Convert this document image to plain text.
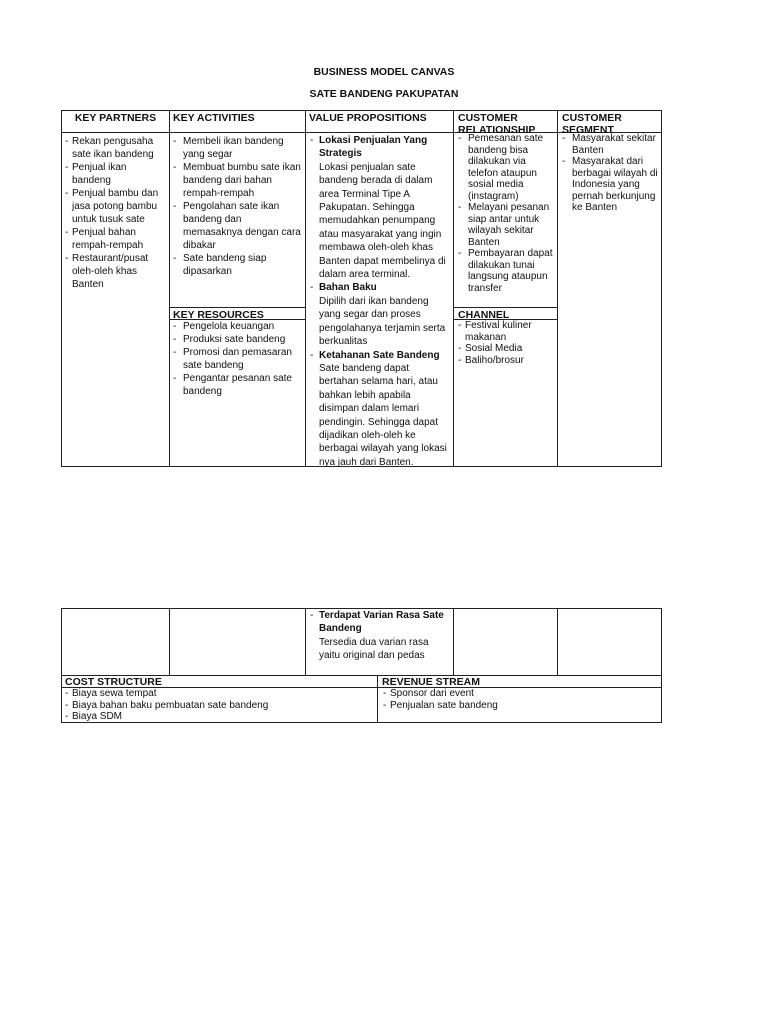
BUSINESS MODEL CANVAS
SATE BANDENG PAKUPATAN
KEY PARTNERS
- Rekan pengusaha sate ikan bandeng
- Penjual ikan bandeng
- Penjual bambu dan jasa potong bambu untuk tusuk sate
- Penjual bahan rempah-rempah
- Restaurant/pusat oleh-oleh khas Banten
KEY ACTIVITIES
- Membeli ikan bandeng yang segar
- Membuat bumbu sate ikan bandeng dari bahan rempah-rempah
- Pengolahan sate ikan bandeng dan memasaknya dengan cara dibakar
- Sate bandeng siap dipasarkan
KEY RESOURCES
- Pengelola keuangan
- Produksi sate bandeng
- Promosi dan pemasaran sate bandeng
- Pengantar pesanan sate bandeng
VALUE PROPOSITIONS
- Lokasi Penjualan Yang Strategis
Lokasi penjualan sate bandeng berada di dalam area Terminal Tipe A Pakupatan. Sehingga memudahkan penumpang atau masyarakat yang ingin membawa oleh-oleh khas Banten dapat membelinya di dalam area terminal.
- Bahan Baku
Dipilih dari ikan bandeng yang segar dan proses pengolahanya terjamin serta berkualitas
- Ketahanan Sate Bandeng
Sate bandeng dapat bertahan selama hari, atau bahkan lebih apabila disimpan dalam lemari pendingin. Sehingga dapat dijadikan oleh-oleh ke berbagai wilayah yang lokasi nya jauh dari Banten.
CUSTOMER RELATIONSHIP
- Pemesanan sate bandeng bisa dilakukan via telefon ataupun sosial media (instagram)
- Melayani pesanan siap antar untuk wilayah sekitar Banten
- Pembayaran dapat dilakukan tunai langsung ataupun transfer
CHANNEL
- Festival kuliner makanan
- Sosial Media
- Baliho/brosur
CUSTOMER SEGMENT
- Masyarakat sekitar Banten
- Masyarakat dari berbagai wilayah di Indonesia yang pernah berkunjung ke Banten
- Terdapat Varian Rasa Sate Bandeng
Tersedia dua varian rasa yaitu original dan pedas
COST STRUCTURE
- Biaya sewa tempat
- Biaya bahan baku pembuatan sate bandeng
- Biaya SDM
REVENUE STREAM
- Sponsor dari event
- Penjualan sate bandeng
